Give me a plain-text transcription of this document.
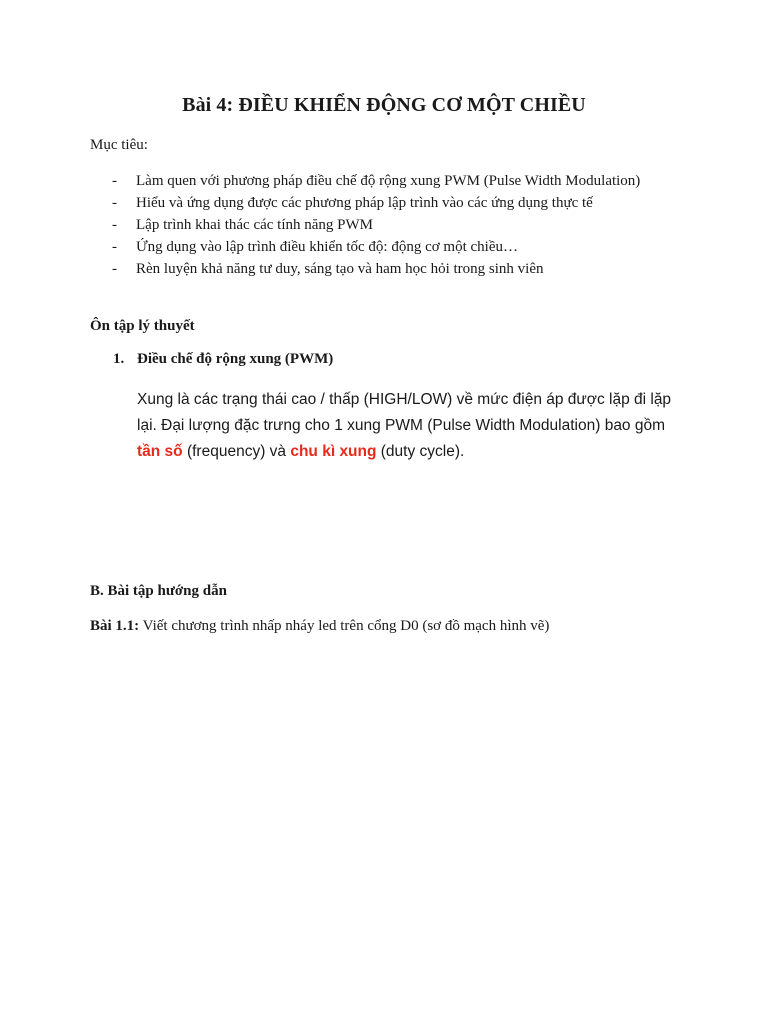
Bài 4: ĐIỀU KHIỂN ĐỘNG CƠ MỘT CHIỀU

Mục tiêu:

- Làm quen với phương pháp điều chế độ rộng xung PWM (Pulse Width Modulation)
- Hiểu và ứng dụng được các phương pháp lập trình vào các ứng dụng thực tế
- Lập trình khai thác các tính năng PWM
- Ứng dụng vào lập trình điều khiển tốc độ: động cơ một chiều…
- Rèn luyện khả năng tư duy, sáng tạo và ham học hỏi trong sinh viên
Ôn tập lý thuyết
1. Điều chế độ rộng xung (PWM)

Xung là các trạng thái cao / thấp (HIGH/LOW) về mức điện áp được lặp đi lặp lại. Đại lượng đặc trưng cho 1 xung PWM (Pulse Width Modulation) bao gồm tần số (frequency) và chu kì xung (duty cycle).

B. Bài tập hướng dẫn

Bài 1.1: Viết chương trình nhấp nháy led trên cổng D0 (sơ đồ mạch hình vẽ)
